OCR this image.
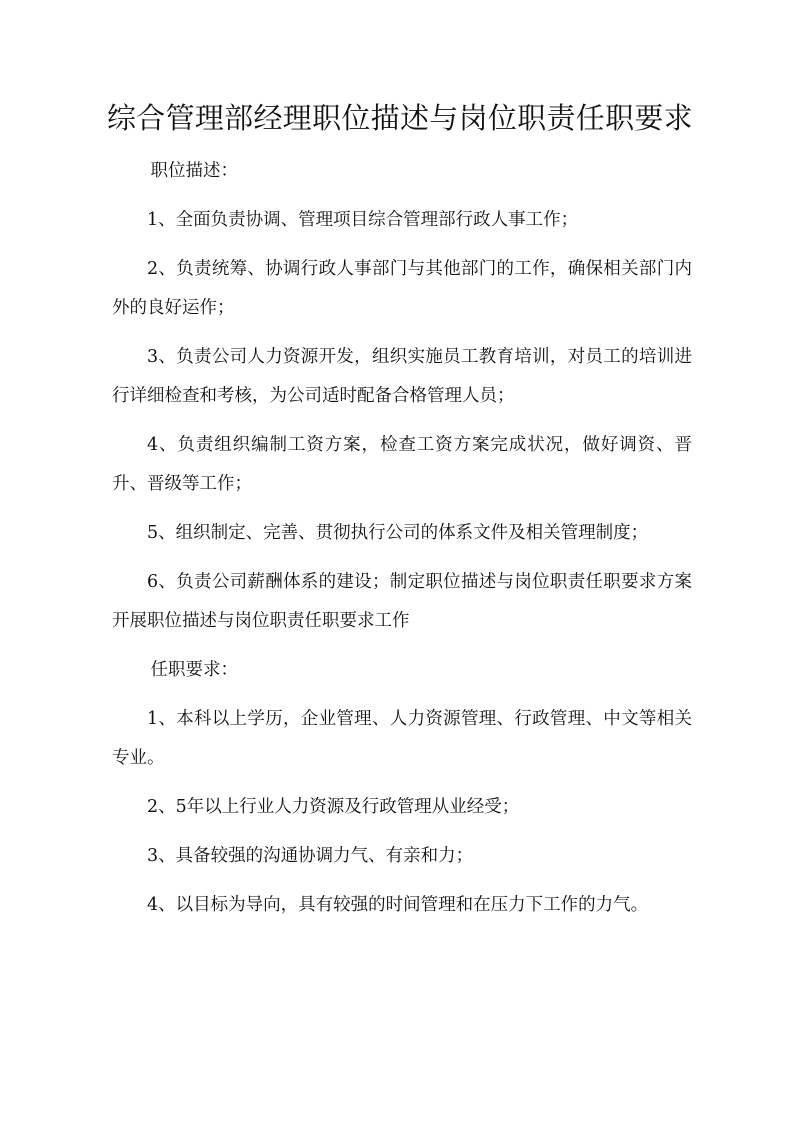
综合管理部经理职位描述与岗位职责任职要求

职位描述：

1、全面负责协调、管理项目综合管理部行政人事工作；

2、负责统筹、协调行政人事部门与其他部门的工作，确保相关部门内外的良好运作；

3、负责公司人力资源开发，组织实施员工教育培训，对员工的培训进行详细检查和考核，为公司适时配备合格管理人员；

4、负责组织编制工资方案，检查工资方案完成状况，做好调资、晋升、晋级等工作；

5、组织制定、完善、贯彻执行公司的体系文件及相关管理制度；

6、负责公司薪酬体系的建设；制定职位描述与岗位职责任职要求方案开展职位描述与岗位职责任职要求工作

任职要求：

1、本科以上学历，企业管理、人力资源管理、行政管理、中文等相关专业。

2、5年以上行业人力资源及行政管理从业经受；

3、具备较强的沟通协调力气、有亲和力；

4、以目标为导向，具有较强的时间管理和在压力下工作的力气。
